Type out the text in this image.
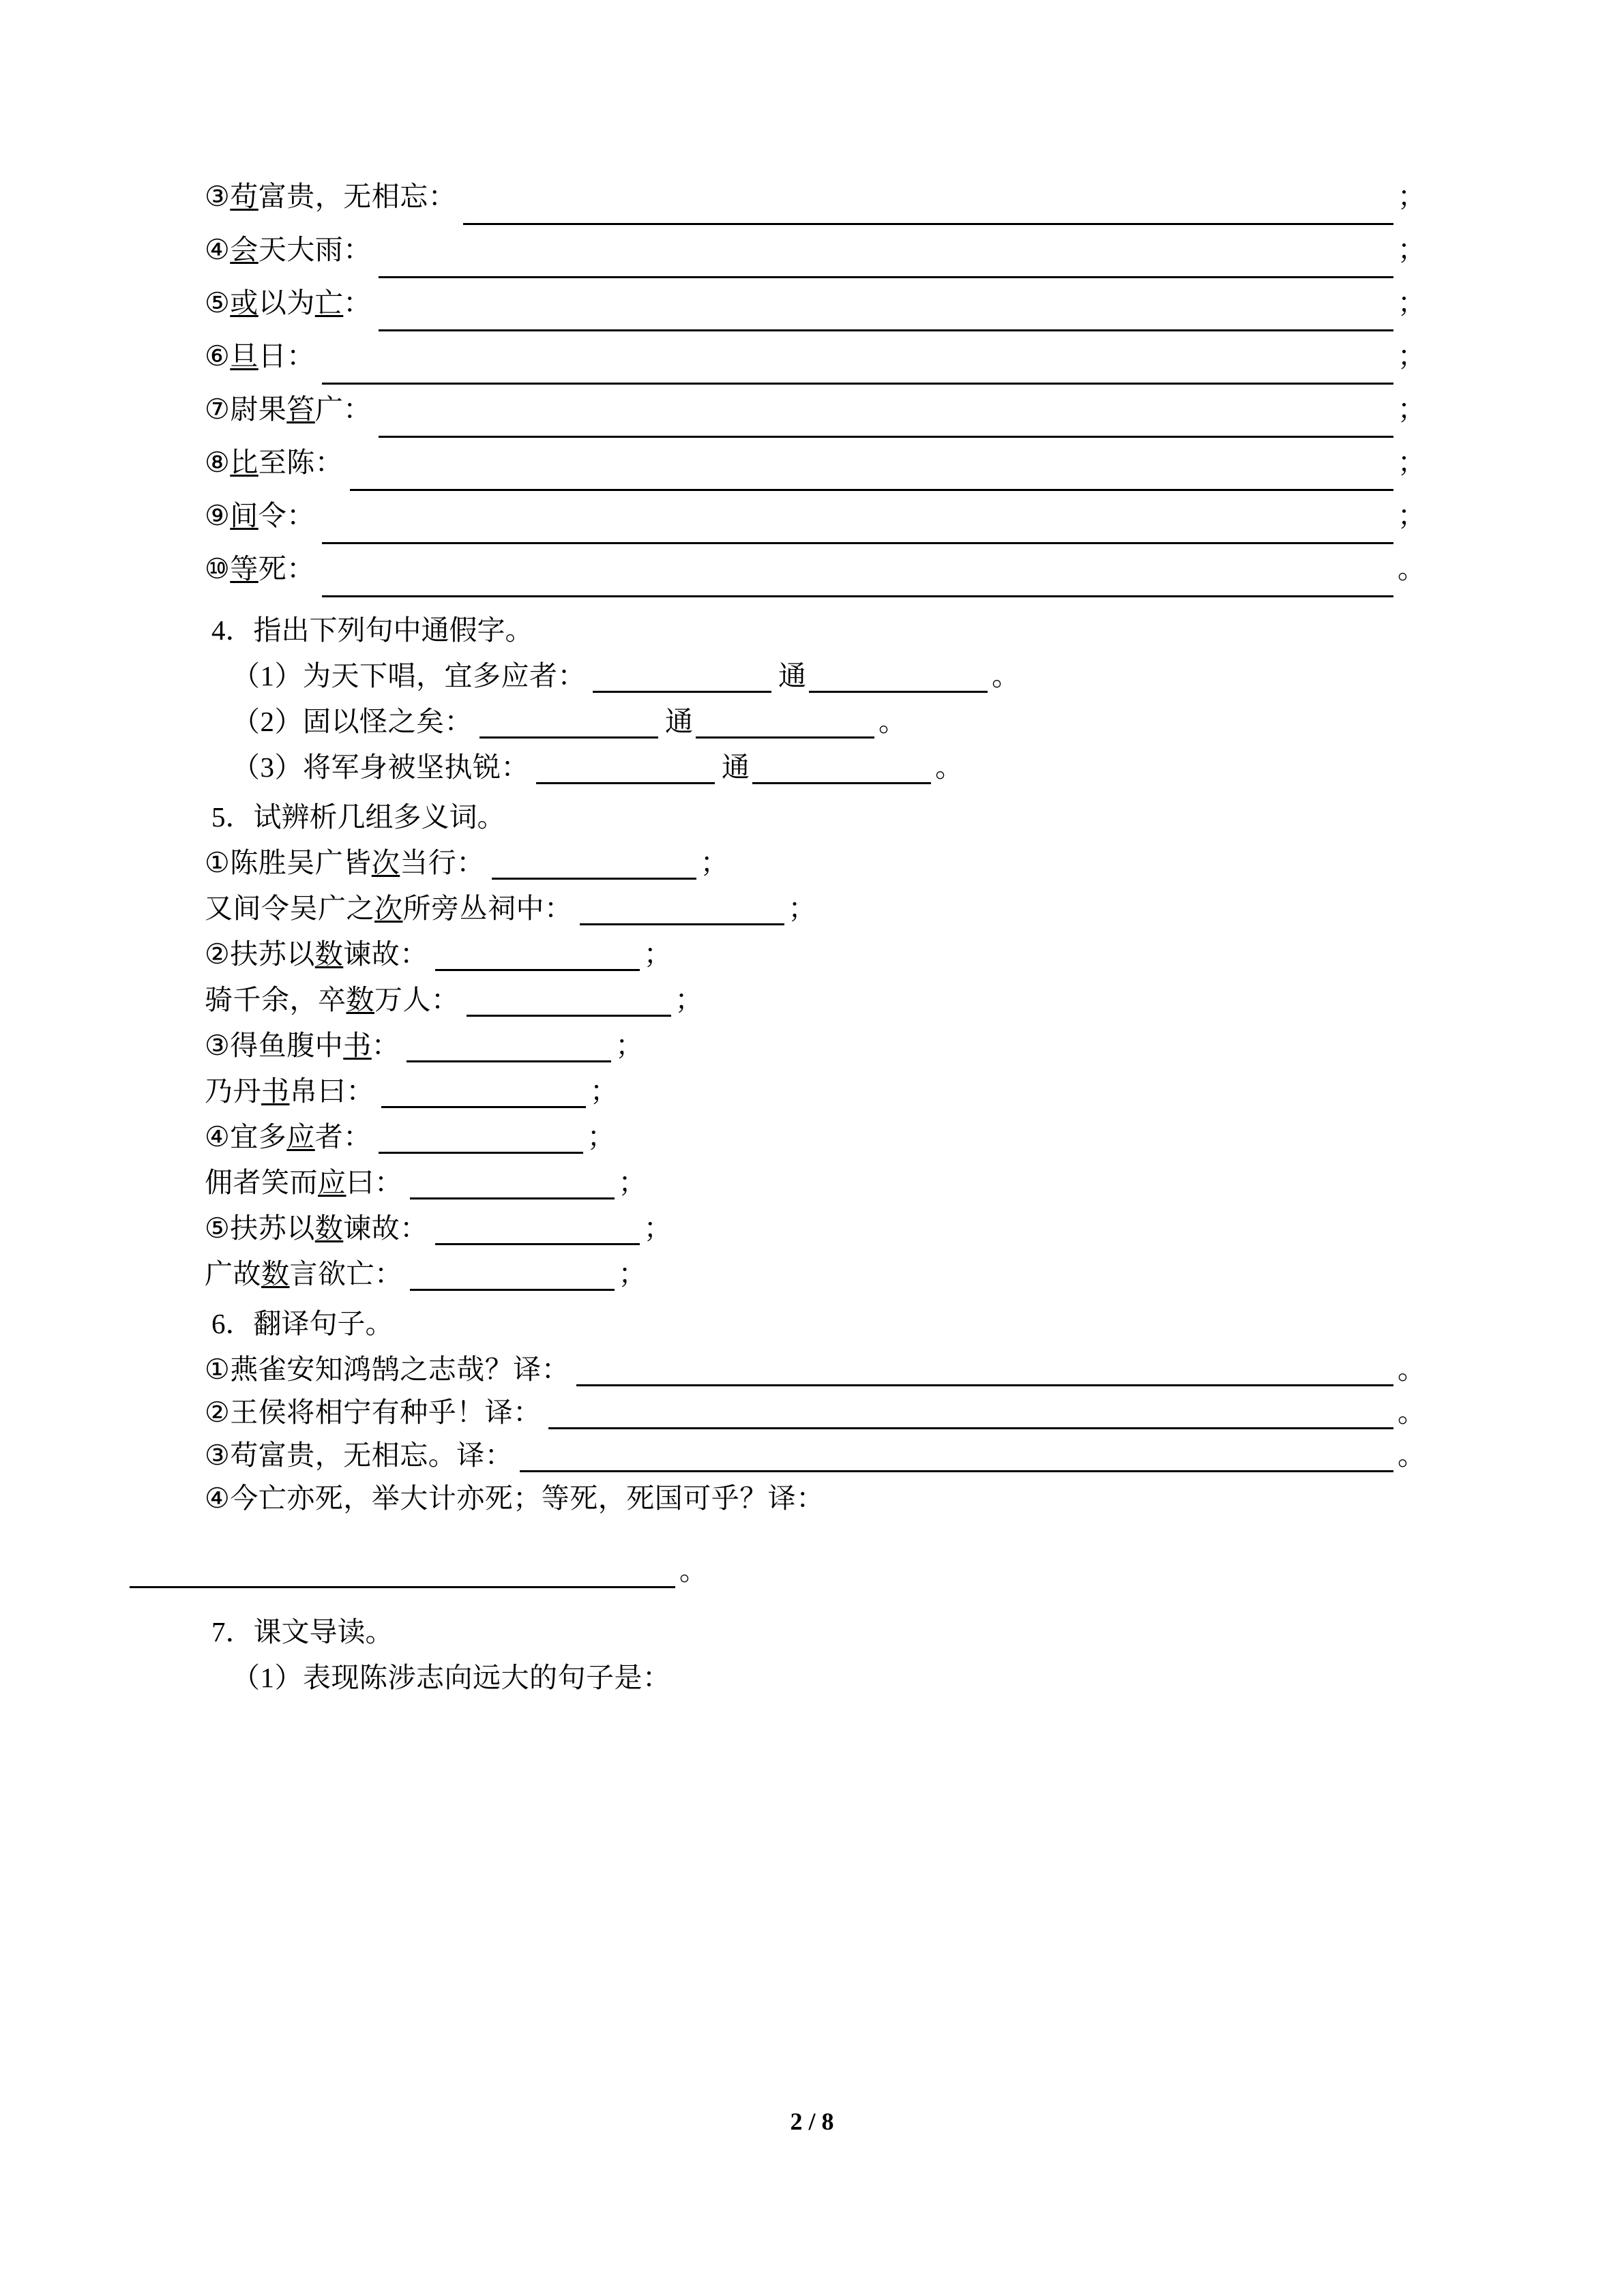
③ 苟 富贵，无相忘：	；
④ 会 天大雨：	；
⑤ 或 以为 亡 ：	；
⑥ 旦 日：	；
⑦ 尉果 笞 广：	；
⑧ 比 至陈：	；
⑨ 间 令：	；
⑩ 等 死：	。
4．指出下列句中通假字。
（1） 为天下唱，宜多应者：	通	。
（2） 固以怪之矣：	通	。
（3） 将军身被坚执锐：	通	。
5．试辨析几组多义词。
① 陈胜吴广皆 次 当行：	；
又间令吴广之 次 所旁丛祠中：	；
② 扶苏以 数 谏故：	；
骑千余，卒 数 万人：	；
③ 得鱼腹中 书 ：	；
乃丹 书 帛曰：	；
④ 宜多 应 者：	；
佣者笑而 应 曰：	；
⑤ 扶苏以 数 谏故：	；
广故 数 言欲亡：	；
6．翻译句子。
① 燕雀安知鸿鹄之志哉？译：	。
② 王侯将相宁有种乎！译：	。
③ 苟富贵，无相忘。译：	。
④ 今亡亦死，举大计亦死；等死，死国可乎？译：
。
7．课文导读。
（1） 表现陈涉志向远大的句子是：
2 / 8
